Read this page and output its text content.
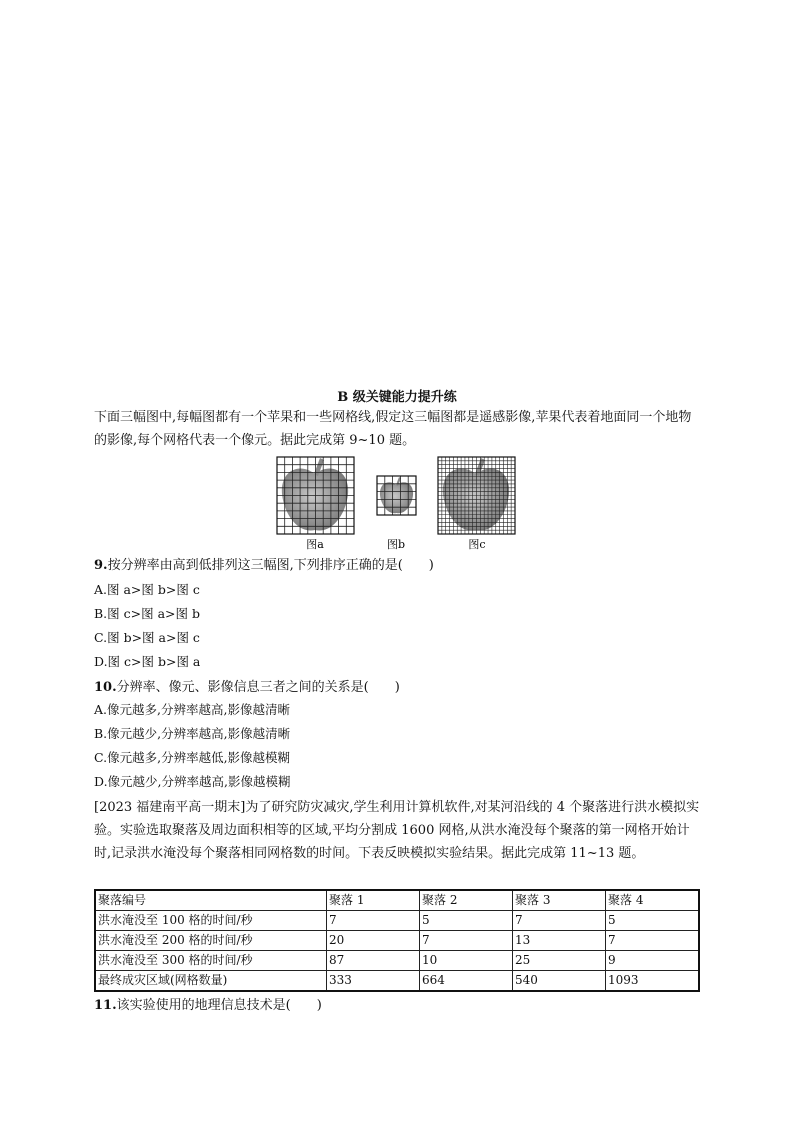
B 级关键能力提升练
下面三幅图中,每幅图都有一个苹果和一些网格线,假定这三幅图都是遥感影像,苹果代表着地面同一个地物的影像,每个网格代表一个像元。据此完成第 9~10 题。
图a	图b	图c
9.按分辨率由高到低排列这三幅图,下列排序正确的是(　　)
A.图 a>图 b>图 c
B.图 c>图 a>图 b
C.图 b>图 a>图 c
D.图 c>图 b>图 a
10.分辨率、像元、影像信息三者之间的关系是(　　)
A.像元越多,分辨率越高,影像越清晰
B.像元越少,分辨率越高,影像越清晰
C.像元越多,分辨率越低,影像越模糊
D.像元越少,分辨率越高,影像越模糊
[2023 福建南平高一期末]为了研究防灾减灾,学生利用计算机软件,对某河沿线的 4 个聚落进行洪水模拟实验。实验选取聚落及周边面积相等的区域,平均分割成 1600 网格,从洪水淹没每个聚落的第一网格开始计时,记录洪水淹没每个聚落相同网格数的时间。下表反映模拟实验结果。据此完成第 11~13 题。
聚落编号	聚落 1	聚落 2	聚落 3	聚落 4
洪水淹没至 100 格的时间/秒	7	5	7	5
洪水淹没至 200 格的时间/秒	20	7	13	7
洪水淹没至 300 格的时间/秒	87	10	25	9
最终成灾区域(网格数量)	333	664	540	1093
11.该实验使用的地理信息技术是(　　)
